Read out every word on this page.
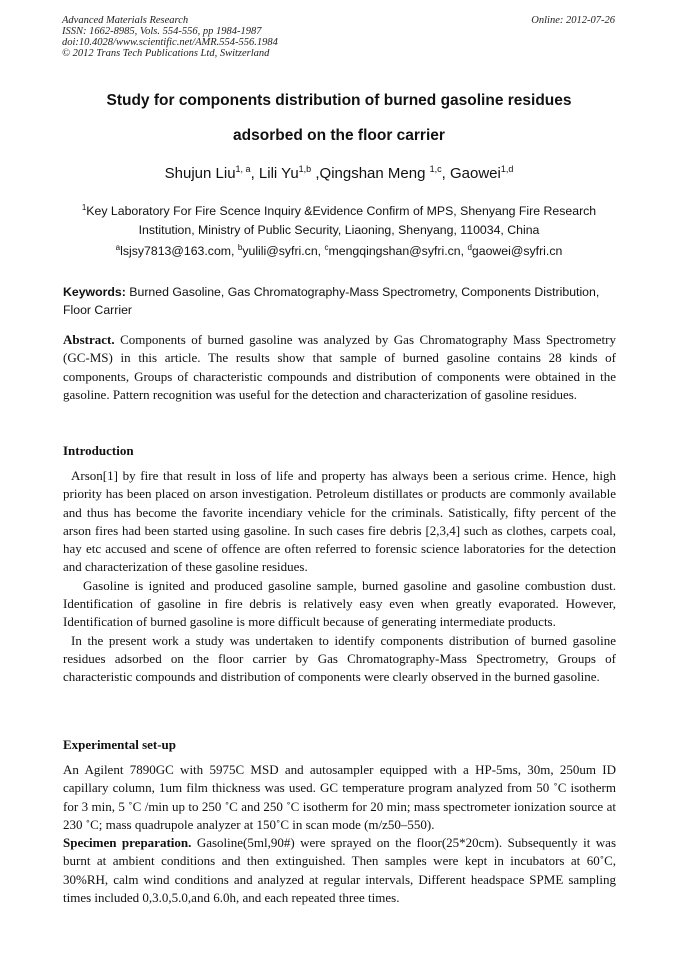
Advanced Materials Research
ISSN: 1662-8985, Vols. 554-556, pp 1984-1987
doi:10.4028/www.scientific.net/AMR.554-556.1984
© 2012 Trans Tech Publications Ltd, Switzerland
Online: 2012-07-26
Study for components distribution of burned gasoline residues
adsorbed on the floor carrier
Shujun Liu$^{1, a}$, Lili Yu$^{1,b}$ ,Qingshan Meng $^{1,c}$, Gaowei$^{1,d}$
$^1$Key Laboratory For Fire Scence Inquiry &Evidence Confirm of MPS, Shenyang Fire Research
Institution, Ministry of Public Security, Liaoning, Shenyang, 110034, China
$^a$lsjsy7813@163.com, $^b$yulili@syfri.cn, $^c$mengqingshan@syfri.cn, $^d$gaowei@syfri.cn
Keywords: Burned Gasoline, Gas Chromatography-Mass Spectrometry, Components Distribution, Floor Carrier
Abstract. Components of burned gasoline was analyzed by Gas Chromatography Mass Spectrometry (GC-MS) in this article. The results show that sample of burned gasoline contains 28 kinds of components, Groups of characteristic compounds and distribution of components were obtained in the gasoline. Pattern recognition was useful for the detection and characterization of gasoline residues.
Introduction

Arson[1] by fire that result in loss of life and property has always been a serious crime. Hence, high priority has been placed on arson investigation. Petroleum distillates or products are commonly available and thus has become the favorite incendiary vehicle for the criminals. Satistically, fifty percent of the arson fires had been started using gasoline. In such cases fire debris [2,3,4] such as clothes, carpets coal, hay etc accused and scene of offence are often referred to forensic science laboratories for the detection and characterization of these gasoline residues.

Gasoline is ignited and produced gasoline sample, burned gasoline and gasoline combustion dust. Identification of gasoline in fire debris is relatively easy even when greatly evaporated. However, Identification of burned gasoline is more difficult because of generating intermediate products.

In the present work a study was undertaken to identify components distribution of burned gasoline residues adsorbed on the floor carrier by Gas Chromatography-Mass Spectrometry, Groups of characteristic compounds and distribution of components were clearly observed in the burned gasoline.

Experimental set-up

An Agilent 7890GC with 5975C MSD and autosampler equipped with a HP-5ms, 30m, 250um ID capillary column, 1um film thickness was used. GC temperature program analyzed from 50 ˚C isotherm for 3 min, 5 ˚C /min up to 250 ˚C and 250 ˚C isotherm for 20 min; mass spectrometer ionization source at 230 ˚C; mass quadrupole analyzer at 150˚C in scan mode (m/z50–550).

Specimen preparation. Gasoline(5ml,90#) were sprayed on the floor(25*20cm). Subsequently it was burnt at ambient conditions and then extinguished. Then samples were kept in incubators at 60˚C, 30%RH, calm wind conditions and analyzed at regular intervals, Different headspace SPME sampling times included 0,3.0,5.0,and 6.0h, and each repeated three times.
